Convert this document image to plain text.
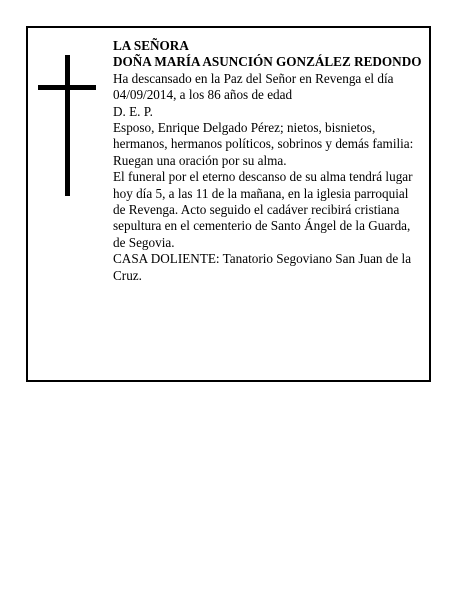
LA SEÑORA

DOÑA MARÍA ASUNCIÓN GONZÁLEZ REDONDO

Ha descansado en la Paz del Señor en Revenga el día 04/09/2014, a los 86 años de edad

D. E. P.

Esposo, Enrique Delgado Pérez; nietos, bisnietos, hermanos, hermanos políticos, sobrinos y demás familia:

Ruegan una oración por su alma.

El funeral por el eterno descanso de su alma tendrá lugar hoy día 5, a las 11 de la mañana, en la iglesia parroquial de Revenga. Acto seguido el cadáver recibirá cristiana sepultura en el cementerio de Santo Ángel de la Guarda, de Segovia.

CASA DOLIENTE: Tanatorio Segoviano San Juan de la Cruz.
